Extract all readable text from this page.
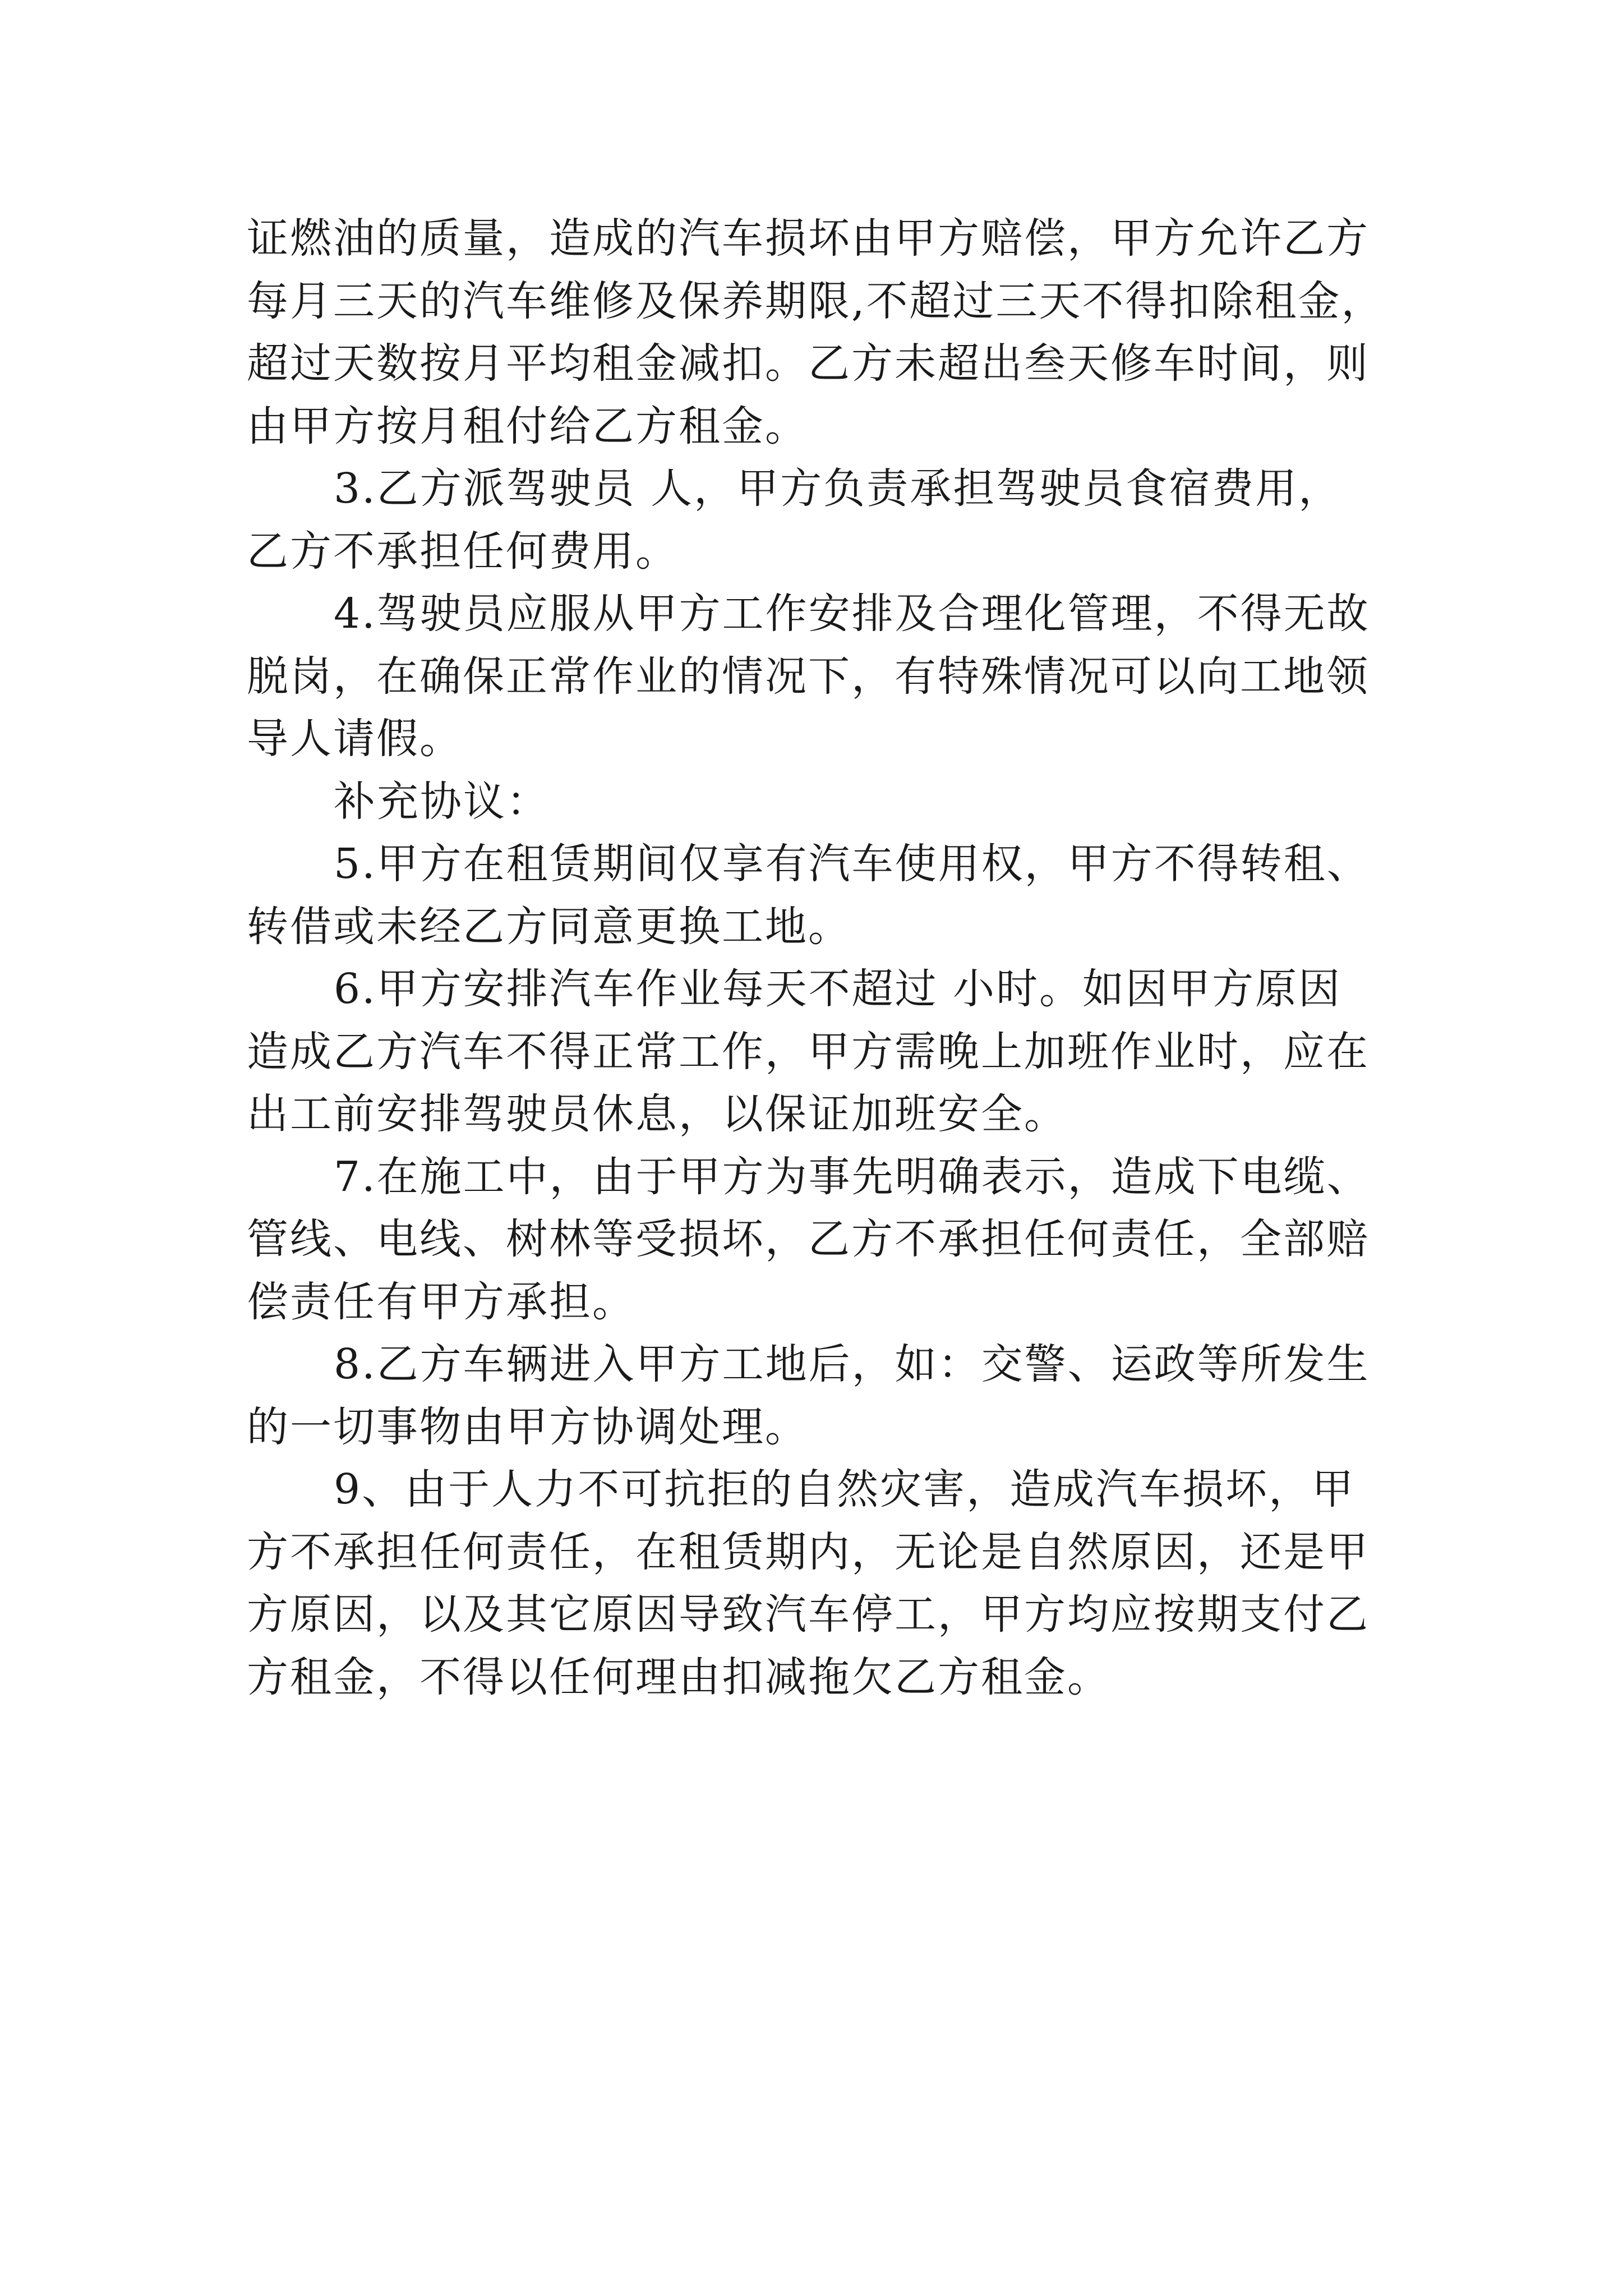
证燃油的质量，造成的汽车损坏由甲方赔偿，甲方允许乙方
每月三天的汽车维修及保养期限,不超过三天不得扣除租金，
超过天数按月平均租金减扣。乙方未超出叁天修车时间，则
由甲方按月租付给乙方租金。
3.乙方派驾驶员 人，甲方负责承担驾驶员食宿费用，
乙方不承担任何费用。
4.驾驶员应服从甲方工作安排及合理化管理，不得无故
脱岗，在确保正常作业的情况下，有特殊情况可以向工地领
导人请假。
补充协议：
5.甲方在租赁期间仅享有汽车使用权，甲方不得转租、
转借或未经乙方同意更换工地。
6.甲方安排汽车作业每天不超过 小时。如因甲方原因
造成乙方汽车不得正常工作，甲方需晚上加班作业时，应在
出工前安排驾驶员休息，以保证加班安全。
7.在施工中，由于甲方为事先明确表示，造成下电缆、
管线、电线、树林等受损坏，乙方不承担任何责任，全部赔
偿责任有甲方承担。
8.乙方车辆进入甲方工地后，如：交警、运政等所发生
的一切事物由甲方协调处理。
9、由于人力不可抗拒的自然灾害，造成汽车损坏，甲
方不承担任何责任，在租赁期内，无论是自然原因，还是甲
方原因，以及其它原因导致汽车停工，甲方均应按期支付乙
方租金，不得以任何理由扣减拖欠乙方租金。
